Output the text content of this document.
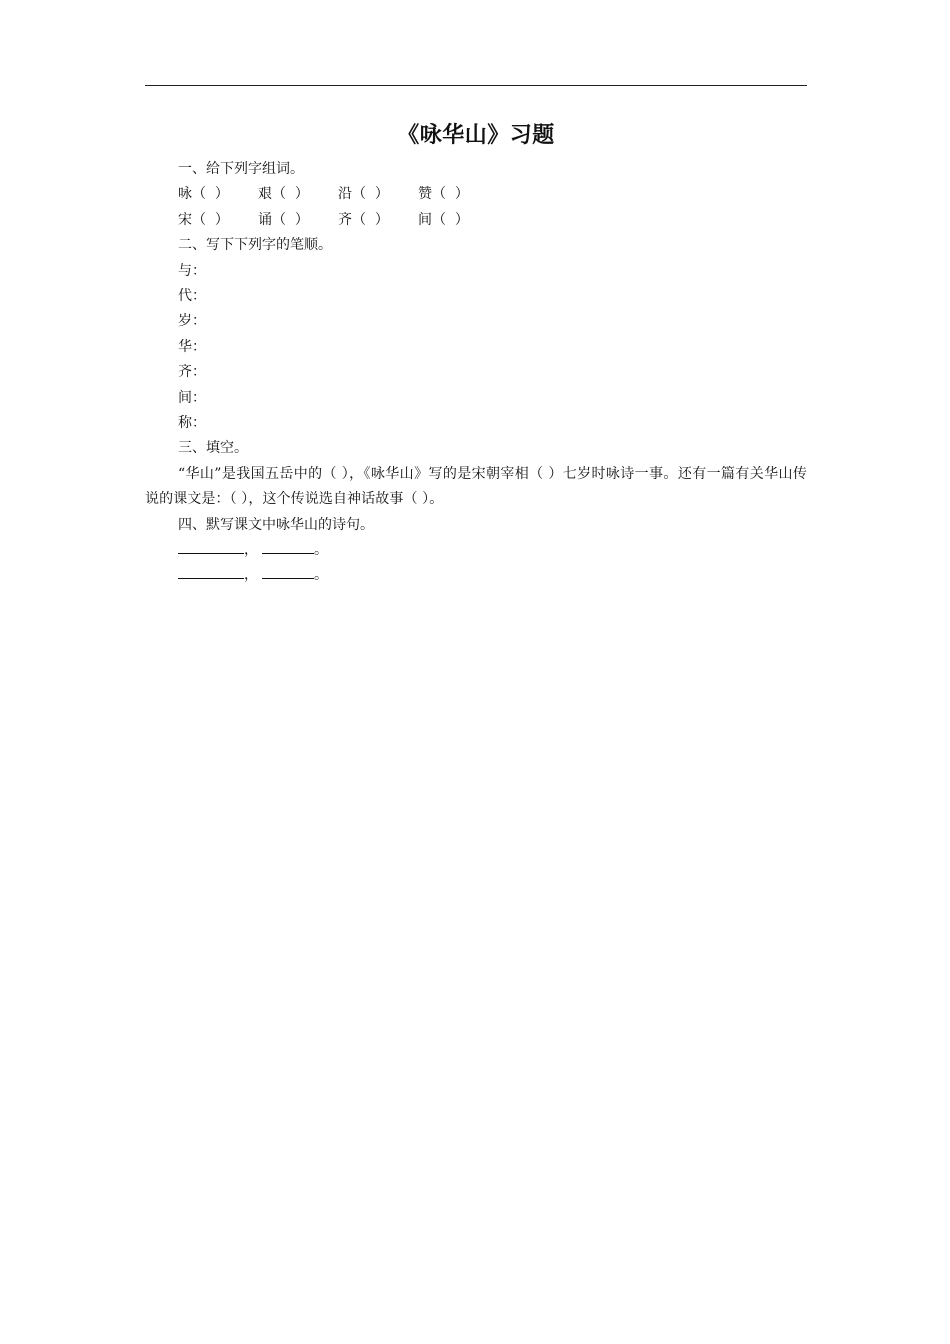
《咏华山》习题
一、给下列字组词。
咏（  ）	艰（  ）	沿（  ）	赞（  ）
宋（  ）	诵（  ）	齐（  ）	间（  ）
二、写下下列字的笔顺。
与：
代：
岁：
华：
齐：
间：
称：
三、填空。
“华山”是我国五岳中的（ ），《咏华山》写的是宋朝宰相（ ）七岁时咏诗一事。还有一篇有关华山传说的课文是：（ ），这个传说选自神话故事（ ）。
四、默写课文中咏华山的诗句。
，	。
，	。
